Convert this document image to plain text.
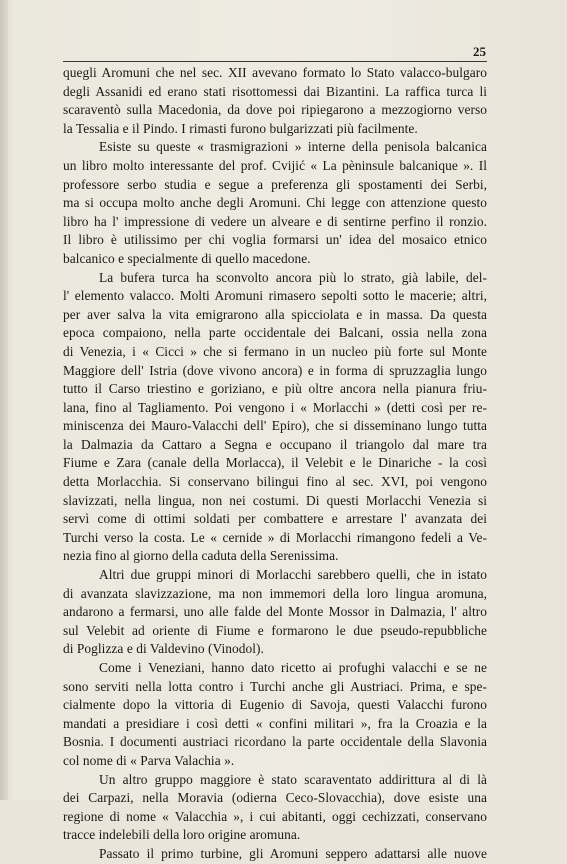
25
quegli Aromuni che nel sec. XII avevano formato lo Stato valacco-bulgaro
degli Assanidi ed erano stati risottomessi dai Bizantini. La raffica turca li
scaraventò sulla Macedonia, da dove poi ripiegarono a mezzogiorno verso
la Tessalia e il Pindo. I rimasti furono bulgarizzati più facilmente.
Esiste su queste « trasmigrazioni » interne della penisola balcanica
un libro molto interessante del prof. Cvijić « La pèninsule balcanique ». Il
professore serbo studia e segue a preferenza gli spostamenti dei Serbi,
ma si occupa molto anche degli Aromuni. Chi legge con attenzione questo
libro ha l' impressione di vedere un alveare e di sentirne perfino il ronzio.
Il libro è utilissimo per chi voglia formarsi un' idea del mosaico etnico
balcanico e specialmente di quello macedone.
La bufera turca ha sconvolto ancora più lo strato, già labile, del-
l' elemento valacco. Molti Aromuni rimasero sepolti sotto le macerie; altri,
per aver salva la vita emigrarono alla spicciolata e in massa. Da questa
epoca compaiono, nella parte occidentale dei Balcani, ossia nella zona
di Venezia, i « Cicci » che si fermano in un nucleo più forte sul Monte
Maggiore dell' Istria (dove vivono ancora) e in forma di spruzzaglia lungo
tutto il Carso triestino e goriziano, e più oltre ancora nella pianura friu-
lana, fino al Tagliamento. Poi vengono i « Morlacchi » (detti così per re-
miniscenza dei Mauro-Valacchi dell' Epiro), che si disseminano lungo tutta
la Dalmazia da Cattaro a Segna e occupano il triangolo dal mare tra
Fiume e Zara (canale della Morlacca), il Velebit e le Dinariche - la così
detta Morlacchia. Si conservano bilingui fino al sec. XVI, poi vengono
slavizzati, nella lingua, non nei costumi. Di questi Morlacchi Venezia si
servì come di ottimi soldati per combattere e arrestare l' avanzata dei
Turchi verso la costa. Le « cernide » di Morlacchi rimangono fedeli a Ve-
nezia fino al giorno della caduta della Serenissima.
Altri due gruppi minori di Morlacchi sarebbero quelli, che in istato
di avanzata slavizzazione, ma non immemori della loro lingua aromuna,
andarono a fermarsi, uno alle falde del Monte Mossor in Dalmazia, l' altro
sul Velebit ad oriente di Fiume e formarono le due pseudo-repubbliche
di Poglizza e di Valdevino (Vinodol).
Come i Veneziani, hanno dato ricetto ai profughi valacchi e se ne
sono serviti nella lotta contro i Turchi anche gli Austriaci. Prima, e spe-
cialmente dopo la vittoria di Eugenio di Savoja, questi Valacchi furono
mandati a presidiare i così detti « confini militari », fra la Croazia e la
Bosnia. I documenti austriaci ricordano la parte occidentale della Slavonia
col nome di « Parva Valachia ».
Un altro gruppo maggiore è stato scaraventato addirittura al di là
dei Carpazi, nella Moravia (odierna Ceco-Slovacchia), dove esiste una
regione di nome « Valacchia », i cui abitanti, oggi cechizzati, conservano
tracce indelebili della loro origine aromuna.
Passato il primo turbine, gli Aromuni seppero adattarsi alle nuove
